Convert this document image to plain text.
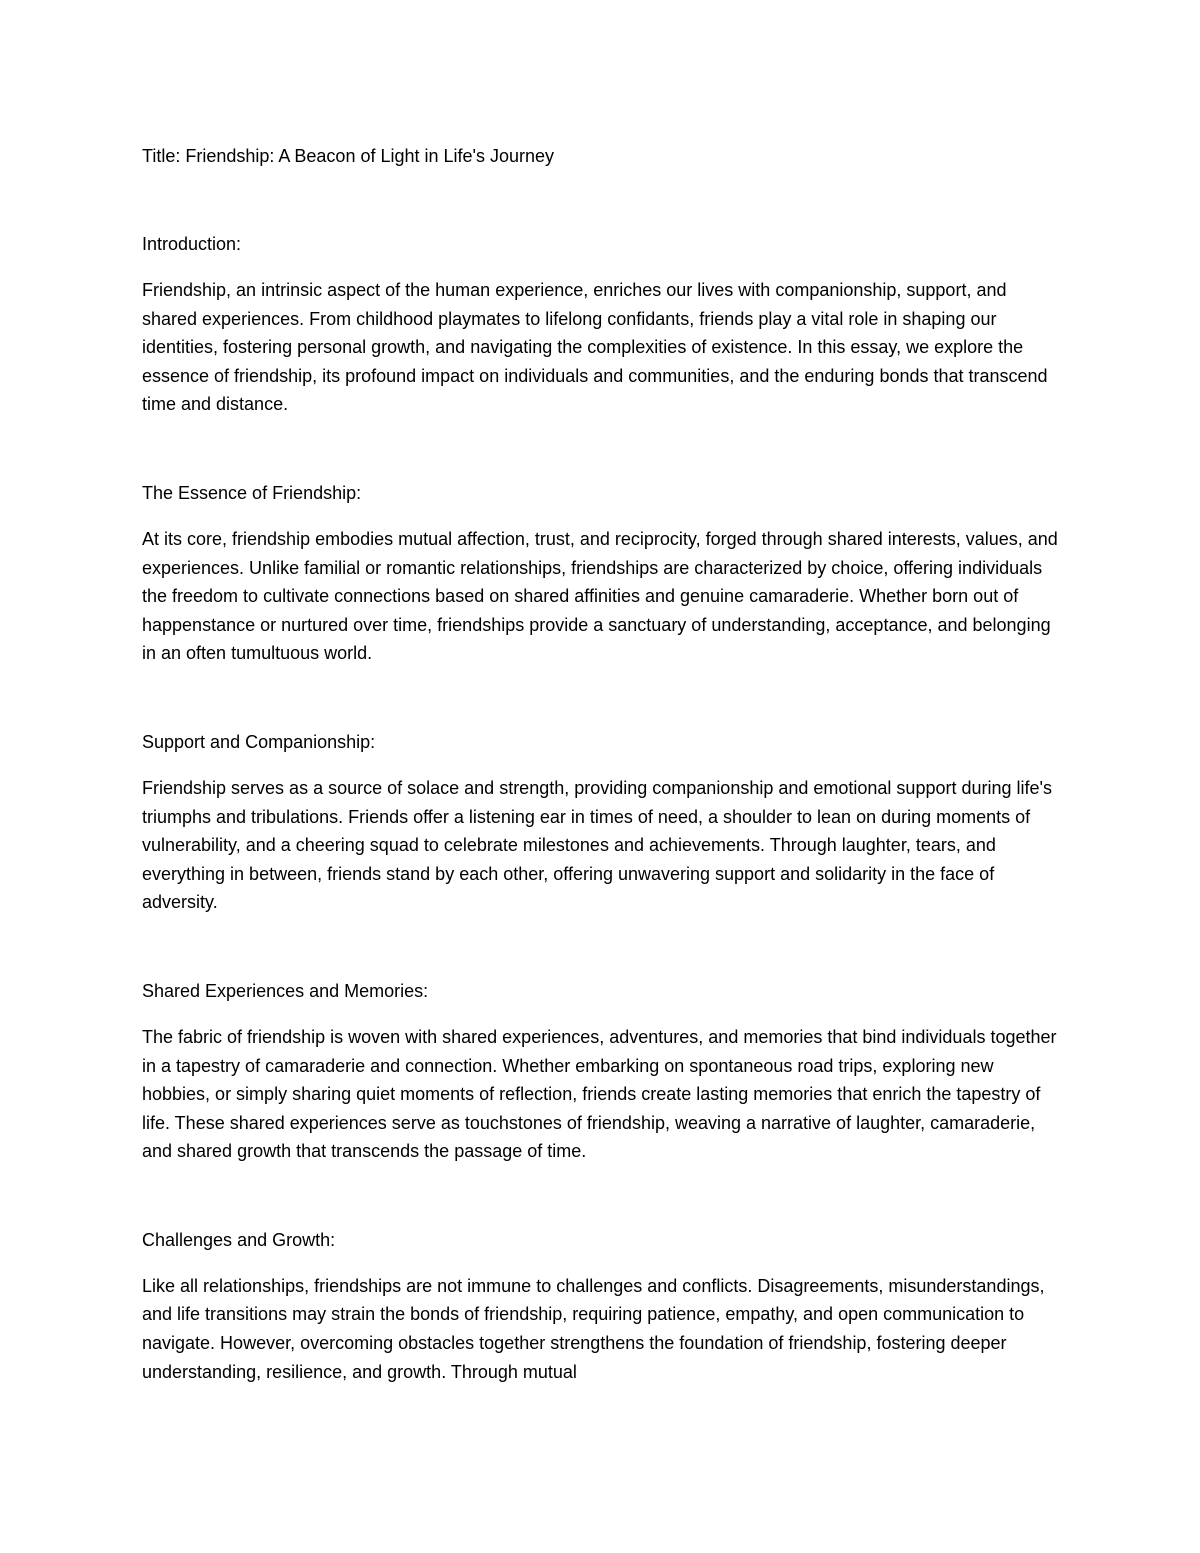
Title: Friendship: A Beacon of Light in Life's Journey

Introduction:

Friendship, an intrinsic aspect of the human experience, enriches our lives with companionship, support, and shared experiences. From childhood playmates to lifelong confidants, friends play a vital role in shaping our identities, fostering personal growth, and navigating the complexities of existence. In this essay, we explore the essence of friendship, its profound impact on individuals and communities, and the enduring bonds that transcend time and distance.

The Essence of Friendship:

At its core, friendship embodies mutual affection, trust, and reciprocity, forged through shared interests, values, and experiences. Unlike familial or romantic relationships, friendships are characterized by choice, offering individuals the freedom to cultivate connections based on shared affinities and genuine camaraderie. Whether born out of happenstance or nurtured over time, friendships provide a sanctuary of understanding, acceptance, and belonging in an often tumultuous world.

Support and Companionship:

Friendship serves as a source of solace and strength, providing companionship and emotional support during life's triumphs and tribulations. Friends offer a listening ear in times of need, a shoulder to lean on during moments of vulnerability, and a cheering squad to celebrate milestones and achievements. Through laughter, tears, and everything in between, friends stand by each other, offering unwavering support and solidarity in the face of adversity.

Shared Experiences and Memories:

The fabric of friendship is woven with shared experiences, adventures, and memories that bind individuals together in a tapestry of camaraderie and connection. Whether embarking on spontaneous road trips, exploring new hobbies, or simply sharing quiet moments of reflection, friends create lasting memories that enrich the tapestry of life. These shared experiences serve as touchstones of friendship, weaving a narrative of laughter, camaraderie, and shared growth that transcends the passage of time.

Challenges and Growth:

Like all relationships, friendships are not immune to challenges and conflicts. Disagreements, misunderstandings, and life transitions may strain the bonds of friendship, requiring patience, empathy, and open communication to navigate. However, overcoming obstacles together strengthens the foundation of friendship, fostering deeper understanding, resilience, and growth. Through mutual
